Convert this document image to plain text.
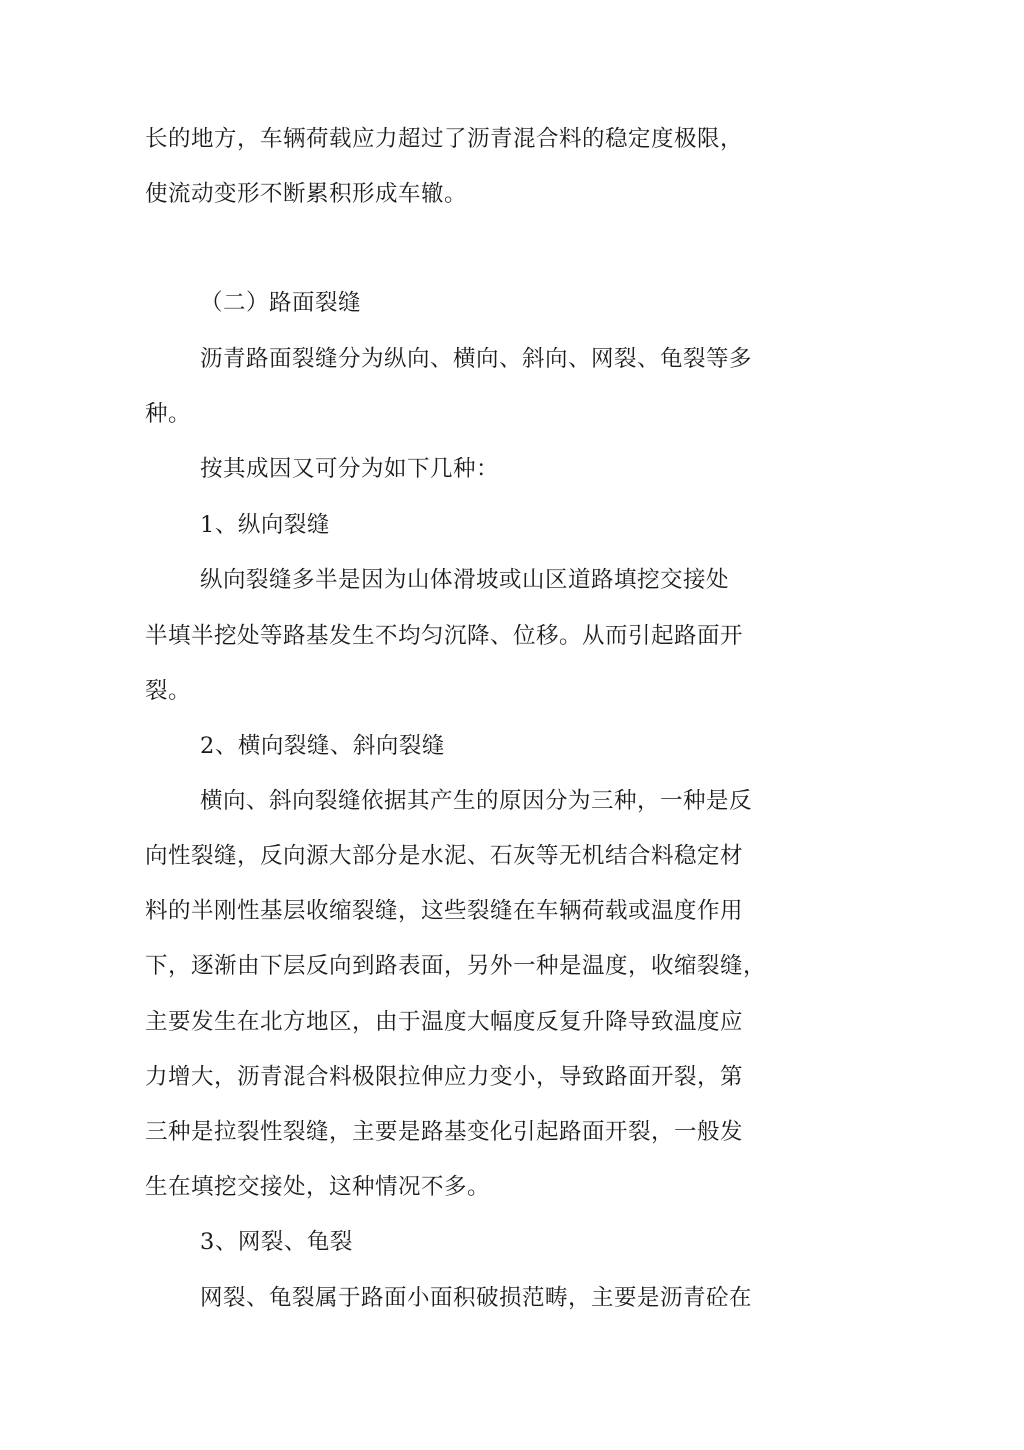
长的地方，车辆荷载应力超过了沥青混合料的稳定度极限，
使流动变形不断累积形成车辙。
（二）路面裂缝
沥青路面裂缝分为纵向、横向、斜向、网裂、龟裂等多
种。
按其成因又可分为如下几种：
1、纵向裂缝
纵向裂缝多半是因为山体滑坡或山区道路填挖交接处
半填半挖处等路基发生不均匀沉降、位移。从而引起路面开
裂。
2、横向裂缝、斜向裂缝
横向、斜向裂缝依据其产生的原因分为三种，一种是反
向性裂缝，反向源大部分是水泥、石灰等无机结合料稳定材
料的半刚性基层收缩裂缝，这些裂缝在车辆荷载或温度作用
下，逐渐由下层反向到路表面，另外一种是温度，收缩裂缝，
主要发生在北方地区，由于温度大幅度反复升降导致温度应
力增大，沥青混合料极限拉伸应力变小，导致路面开裂，第
三种是拉裂性裂缝，主要是路基变化引起路面开裂，一般发
生在填挖交接处，这种情况不多。
3、网裂、龟裂
网裂、龟裂属于路面小面积破损范畴，主要是沥青砼在
